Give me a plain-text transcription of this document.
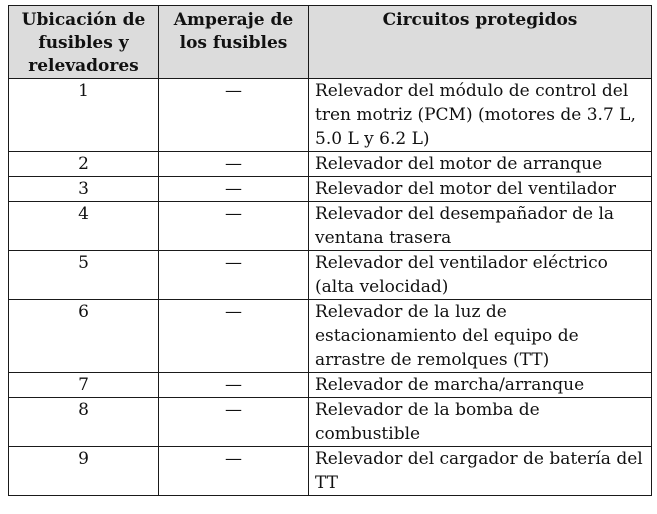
Ubicación de fusibles y relevadores	Amperaje de los fusibles	Circuitos protegidos

1	—	Relevador del módulo de control del tren motriz (PCM) (motores de 3.7 L, 5.0 L y 6.2 L)

2	—	Relevador del motor de arranque

3	—	Relevador del motor del ventilador

4	—	Relevador del desempañador de la ventana trasera

5	—	Relevador del ventilador eléctrico (alta velocidad)

6	—	Relevador de la luz de estacionamiento del equipo de arrastre de remolques (TT)

7	—	Relevador de marcha/arranque

8	—	Relevador de la bomba de combustible

9	—	Relevador del cargador de batería del TT
